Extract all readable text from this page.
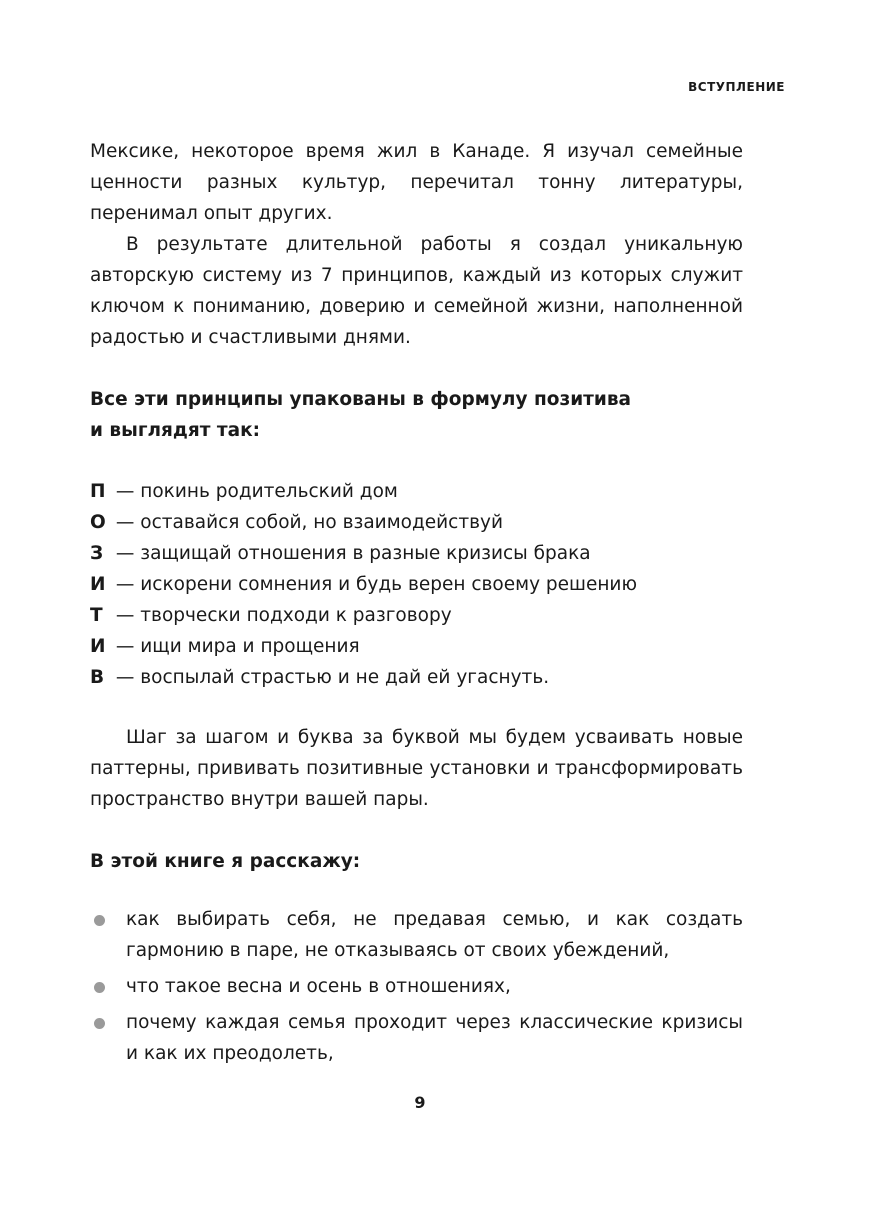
ВСТУПЛЕНИЕ

Мексике, некоторое время жил в Канаде. Я изучал семейные ценности разных культур, перечитал тонну литературы, перенимал опыт других.

В результате длительной работы я создал уникальную авторскую систему из 7 принципов, каждый из которых служит ключом к пониманию, доверию и семейной жизни, наполненной радостью и счастливыми днями.

Все эти принципы упакованы в формулу позитива

и выглядят так:

П — покинь родительский дом
О — оставайся собой, но взаимодействуй
З — защищай отношения в разные кризисы брака
И — искорени сомнения и будь верен своему решению
Т — творчески подходи к разговору
И — ищи мира и прощения
В — воспылай страстью и не дай ей угаснуть.

Шаг за шагом и буква за буквой мы будем усваивать новые паттерны, прививать позитивные установки и трансформировать пространство внутри вашей пары.

В этой книге я расскажу:

как выбирать себя, не предавая семью, и как создать гармонию в паре, не отказываясь от своих убеждений,
что такое весна и осень в отношениях,
почему каждая семья проходит через классические кризисы и как их преодолеть,
9
